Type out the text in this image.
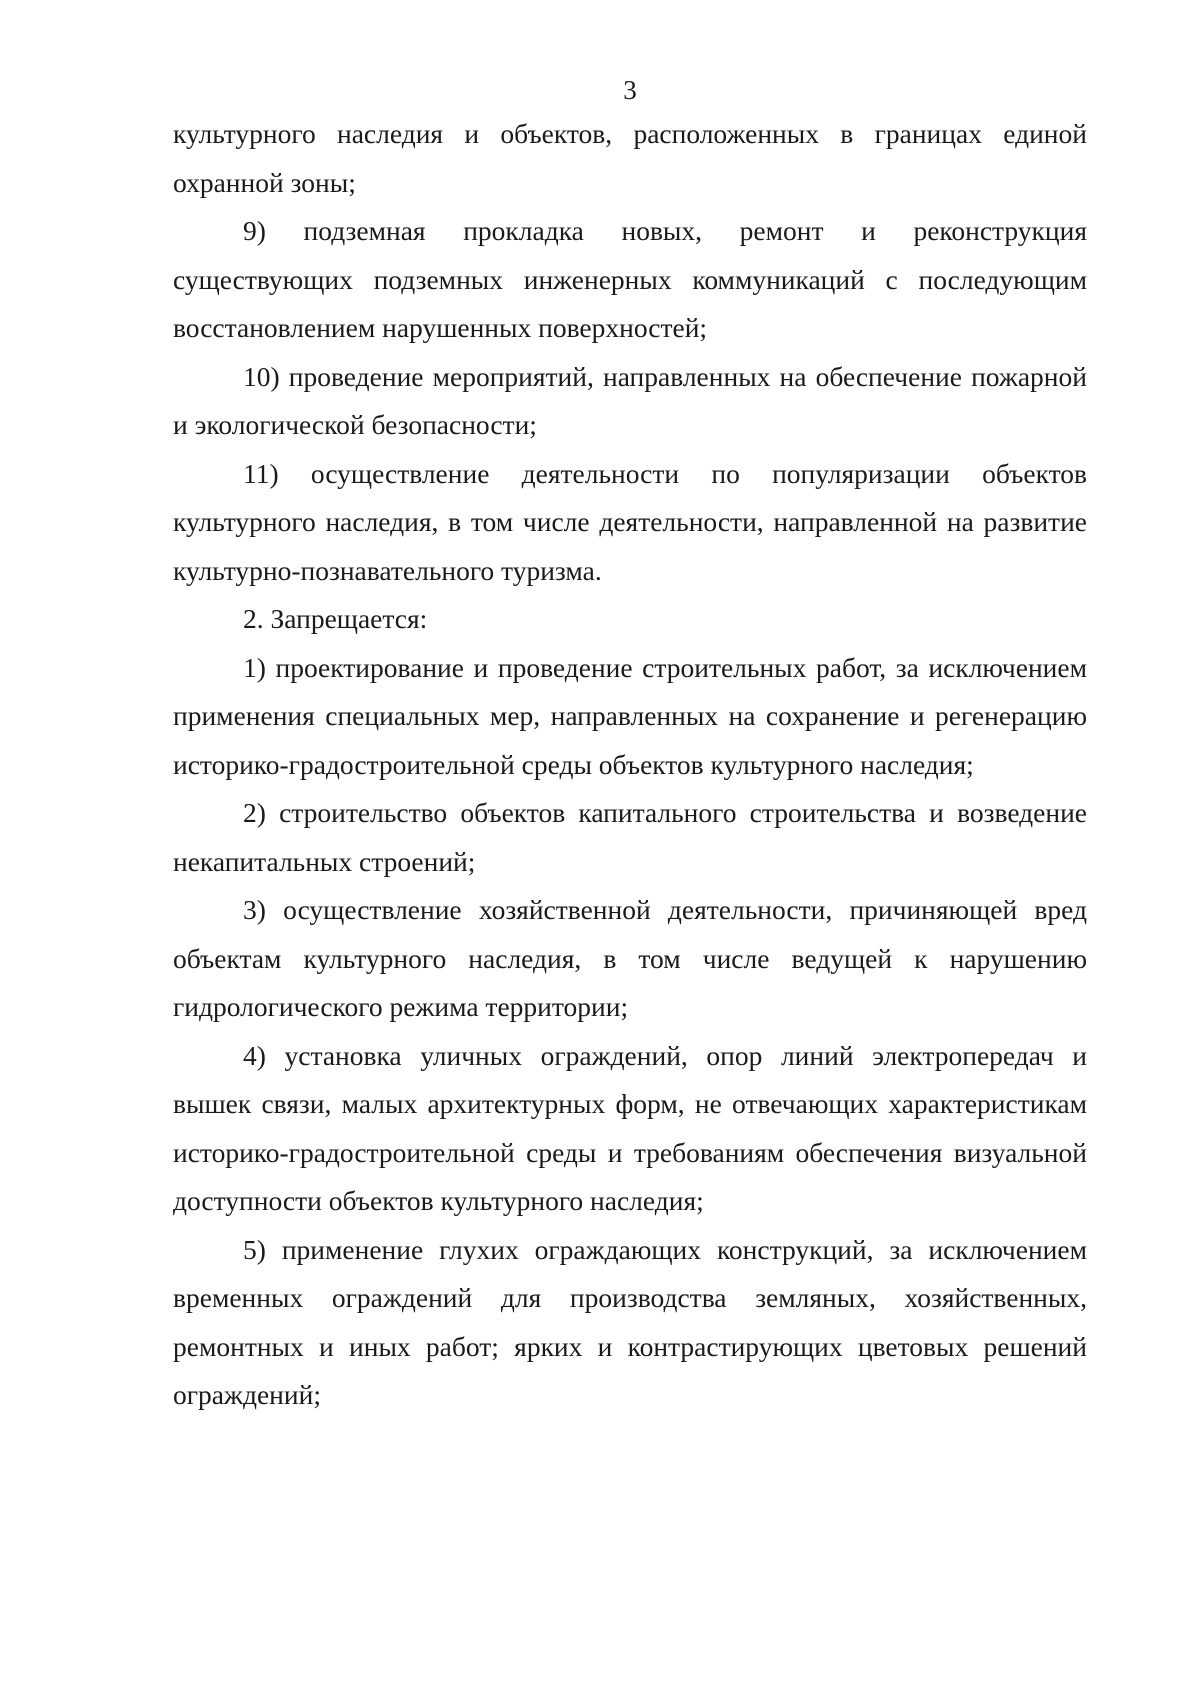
3

культурного наследия и объектов, расположенных в границах единой охранной зоны;

9) подземная прокладка новых, ремонт и реконструкция существующих подземных инженерных коммуникаций с последующим восстановлением нарушенных поверхностей;

10) проведение мероприятий, направленных на обеспечение пожарной и экологической безопасности;

11) осуществление деятельности по популяризации объектов культурного наследия, в том числе деятельности, направленной на развитие культурно-познавательного туризма.

2. Запрещается:

1) проектирование и проведение строительных работ, за исключением применения специальных мер, направленных на сохранение и регенерацию историко-градостроительной среды объектов культурного наследия;

2) строительство объектов капитального строительства и возведение некапитальных строений;

3) осуществление хозяйственной деятельности, причиняющей вред объектам культурного наследия, в том числе ведущей к нарушению гидрологического режима территории;

4) установка уличных ограждений, опор линий электропередач и вышек связи, малых архитектурных форм, не отвечающих характеристикам историко-градостроительной среды и требованиям обеспечения визуальной доступности объектов культурного наследия;

5) применение глухих ограждающих конструкций, за исключением временных ограждений для производства земляных, хозяйственных, ремонтных и иных работ; ярких и контрастирующих цветовых решений ограждений;
